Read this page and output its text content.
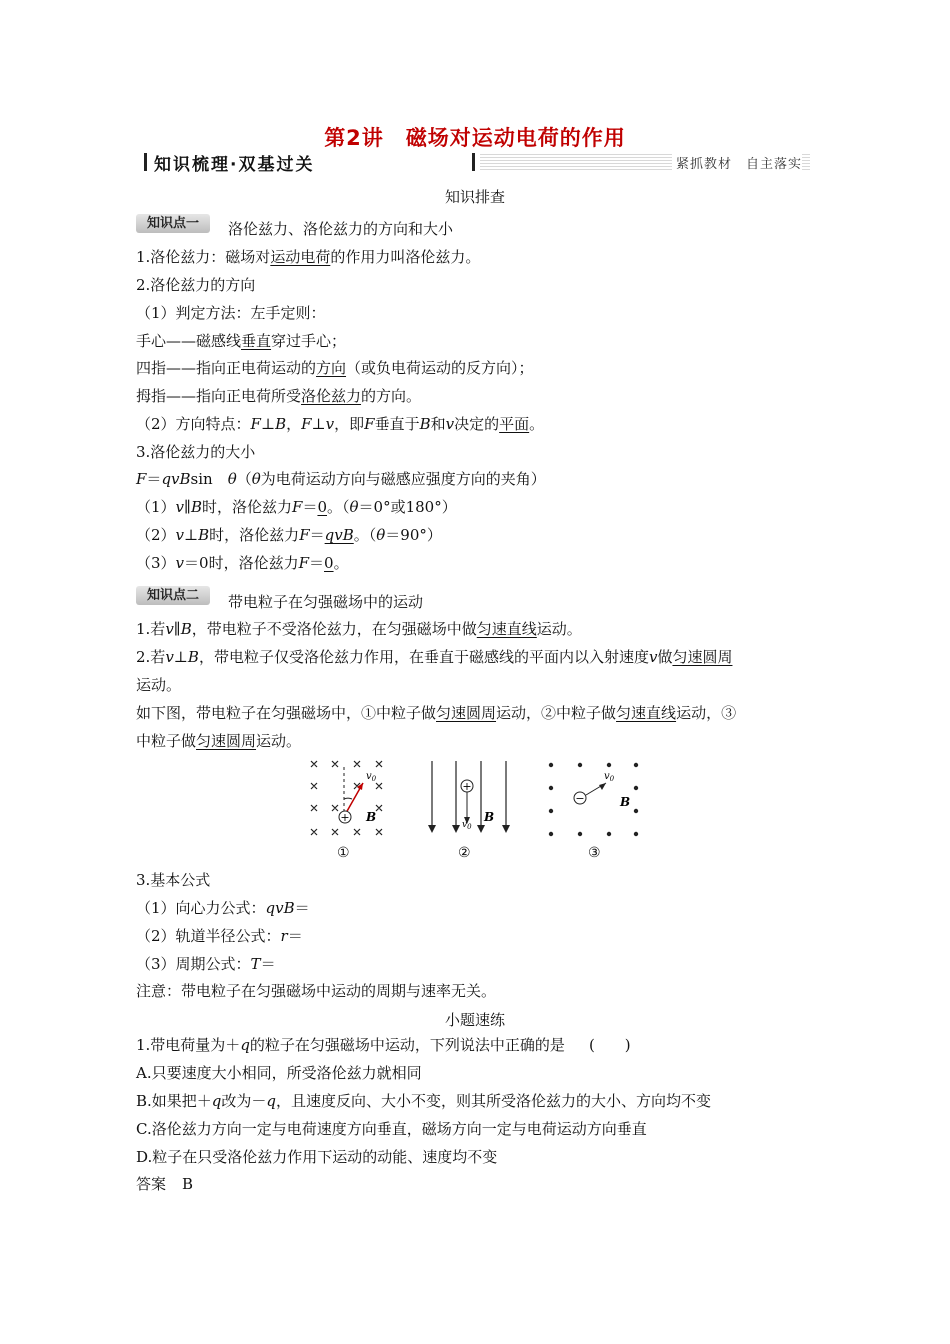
第2讲 磁场对运动电荷的作用
知识梳理·双基过关	紧抓教材　自主落实
知识排查
知识点一	洛伦兹力、洛伦兹力的方向和大小
1.洛伦兹力：磁场对运动电荷的作用力叫洛伦兹力。
2.洛伦兹力的方向
（1）判定方法：左手定则：
手心——磁感线垂直穿过手心；
四指——指向正电荷运动的方向（或负电荷运动的反方向）；
拇指——指向正电荷所受洛伦兹力的方向。
（2）方向特点：F⊥B，F⊥v，即F垂直于B和v决定的平面。
3.洛伦兹力的大小
F＝qvBsin　θ（θ为电荷运动方向与磁感应强度方向的夹角）
（1）v∥B时，洛伦兹力F＝0。（θ＝0°或180°）
（2）v⊥B时，洛伦兹力F＝qvB。（θ＝90°）
（3）v＝0时，洛伦兹力F＝0。
知识点二	带电粒子在匀强磁场中的运动
1.若v∥B，带电粒子不受洛伦兹力，在匀强磁场中做匀速直线运动。
2.若v⊥B，带电粒子仅受洛伦兹力作用，在垂直于磁感线的平面内以入射速度v做匀速圆周
运动。
如下图，带电粒子在匀强磁场中，①中粒子做匀速圆周运动，②中粒子做匀速直线运动，③
中粒子做匀速圆周运动。
+
$v_0$
B
①
+
$v_0$
B
②
−
$v_0$
B
③
3.基本公式
（1）向心力公式：qvB＝
（2）轨道半径公式：r＝
（3）周期公式：T＝
注意：带电粒子在匀强磁场中运动的周期与速率无关。
小题速练
1.带电荷量为＋q的粒子在匀强磁场中运动，下列说法中正确的是 (　　)
A.只要速度大小相同，所受洛伦兹力就相同
B.如果把＋q改为－q，且速度反向、大小不变，则其所受洛伦兹力的大小、方向均不变
C.洛伦兹力方向一定与电荷速度方向垂直，磁场方向一定与电荷运动方向垂直
D.粒子在只受洛伦兹力作用下运动的动能、速度均不变
答案 B
